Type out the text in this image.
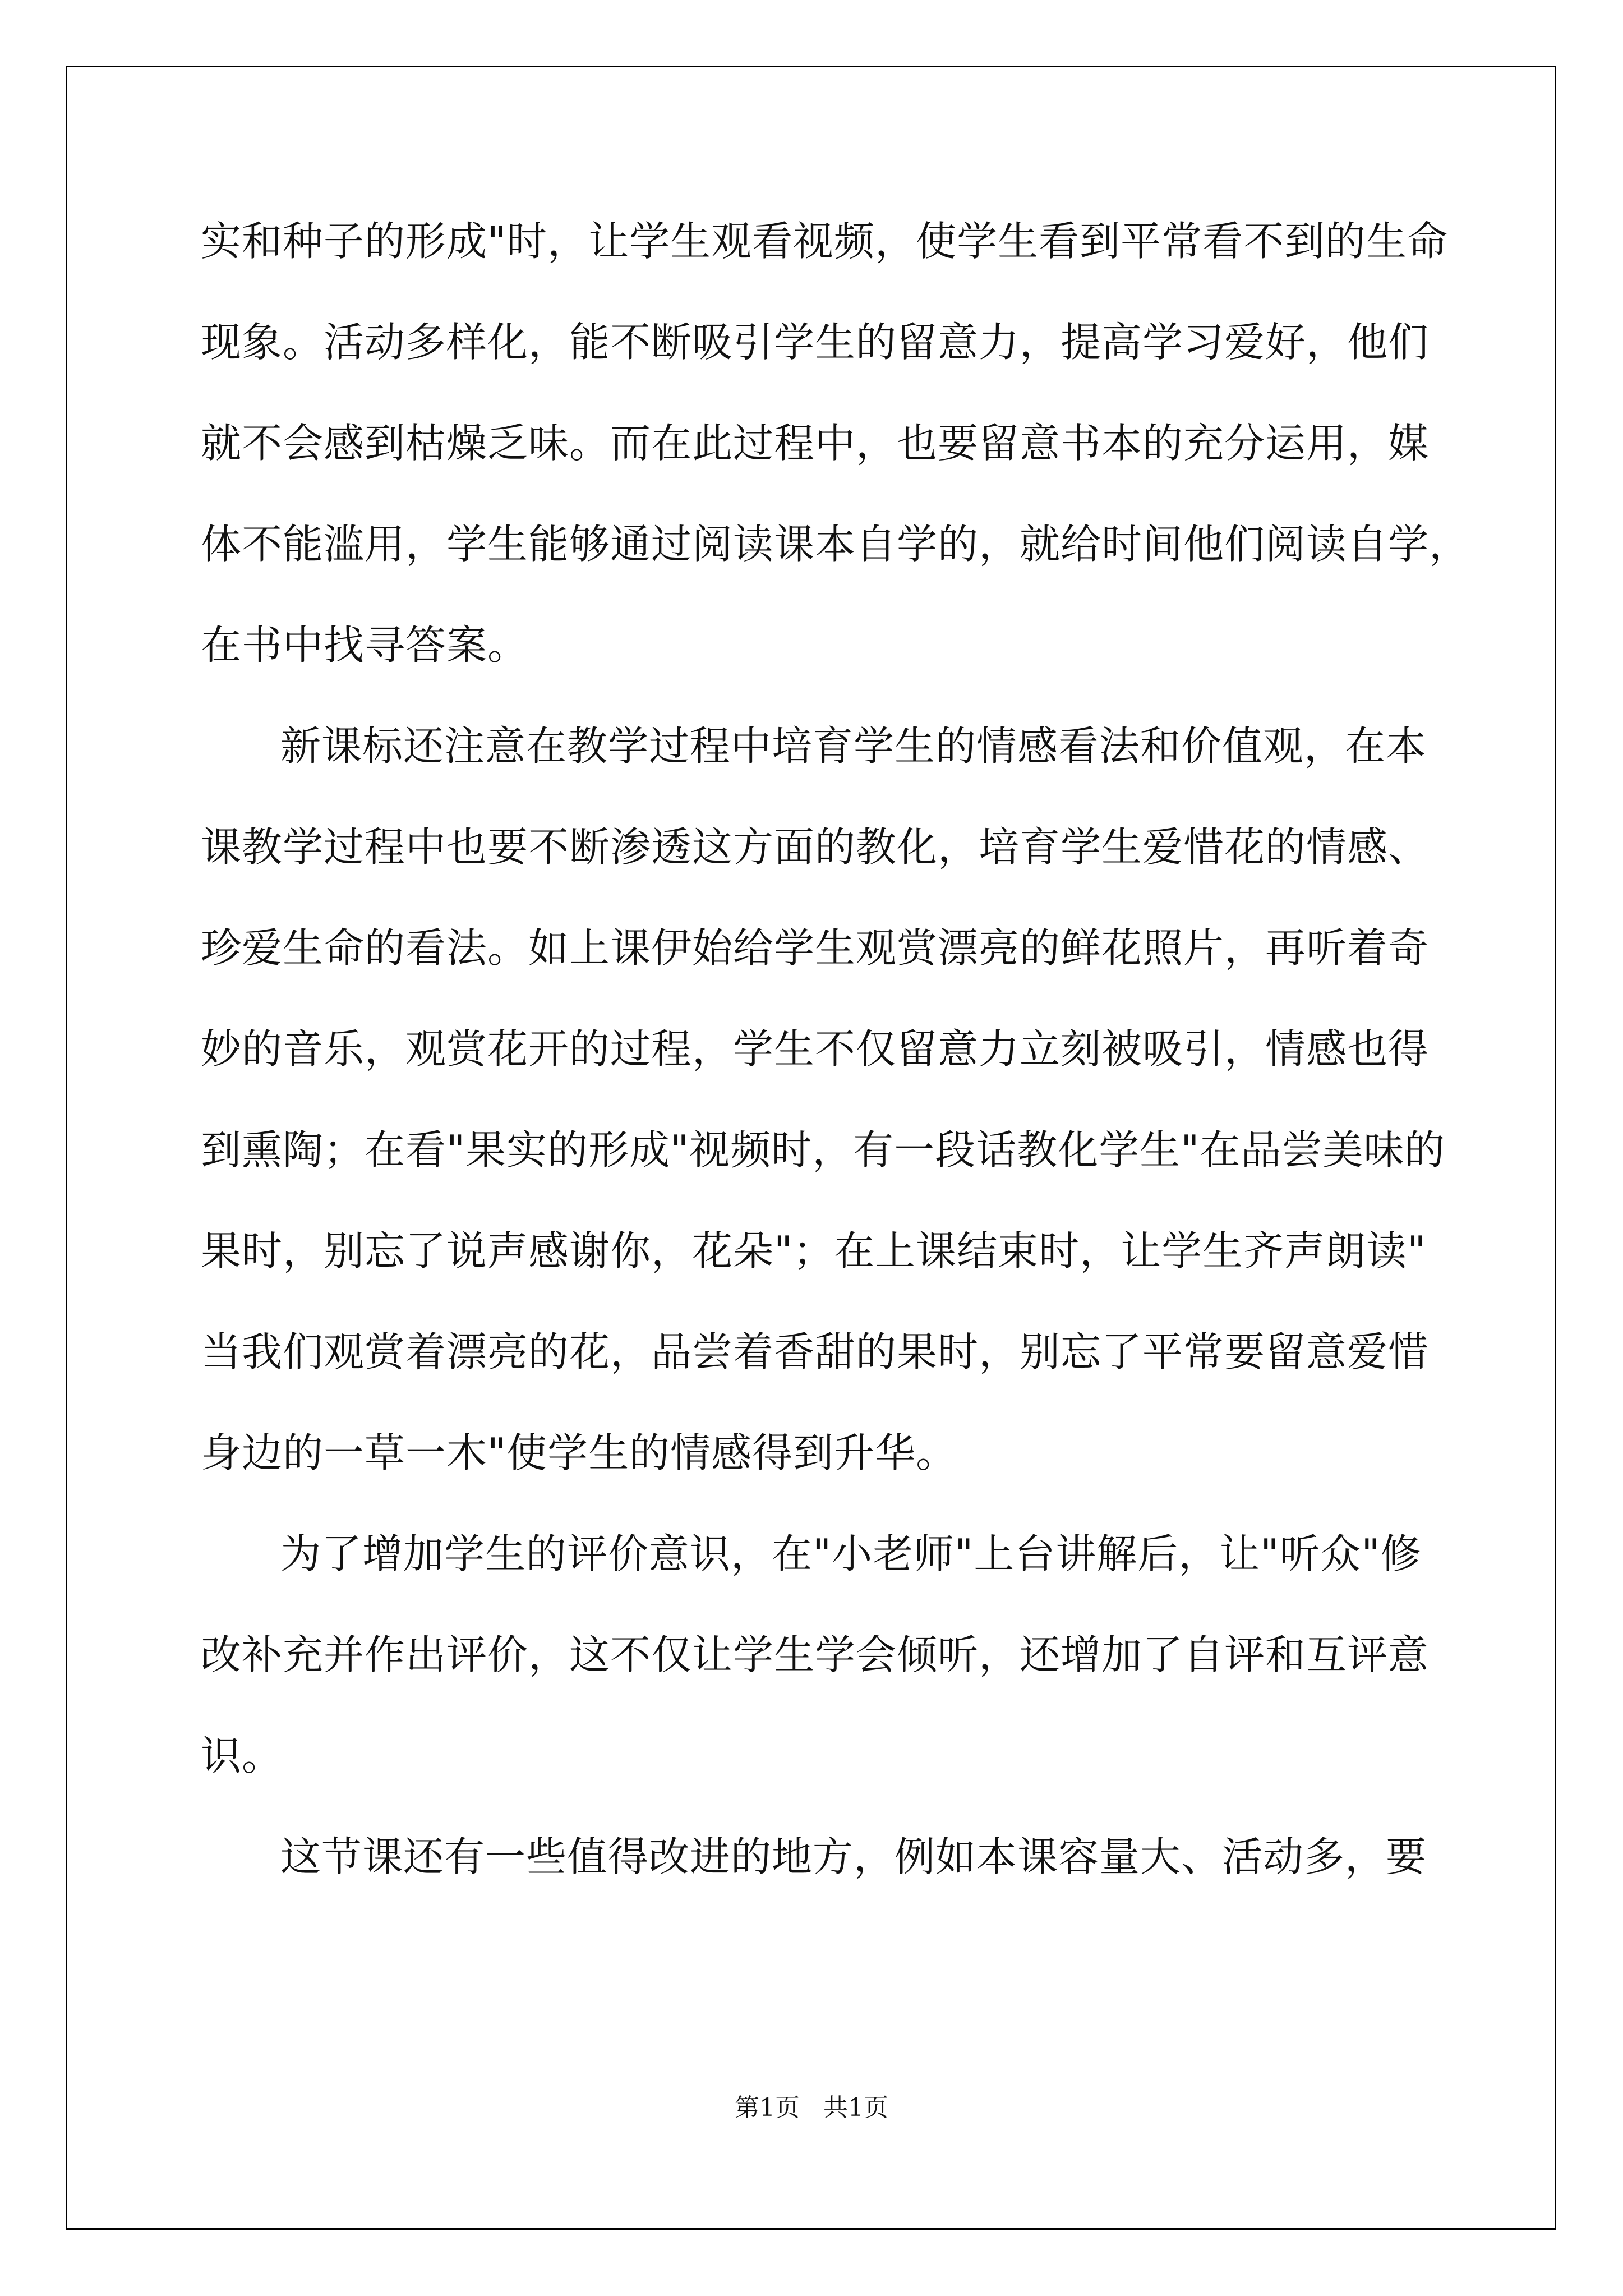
实和种子的形成"时，让学生观看视频，使学生看到平常看不到的生命
现象。活动多样化，能不断吸引学生的留意力，提高学习爱好，他们
就不会感到枯燥乏味。而在此过程中，也要留意书本的充分运用，媒
体不能滥用，学生能够通过阅读课本自学的，就给时间他们阅读自学，
在书中找寻答案。
新课标还注意在教学过程中培育学生的情感看法和价值观，在本
课教学过程中也要不断渗透这方面的教化，培育学生爱惜花的情感、
珍爱生命的看法。如上课伊始给学生观赏漂亮的鲜花照片，再听着奇
妙的音乐，观赏花开的过程，学生不仅留意力立刻被吸引，情感也得
到熏陶；在看"果实的形成"视频时，有一段话教化学生"在品尝美味的
果时，别忘了说声感谢你，花朵"；在上课结束时，让学生齐声朗读"
当我们观赏着漂亮的花，品尝着香甜的果时，别忘了平常要留意爱惜
身边的一草一木"使学生的情感得到升华。
为了增加学生的评价意识，在"小老师"上台讲解后，让"听众"修
改补充并作出评价，这不仅让学生学会倾听，还增加了自评和互评意
识。
这节课还有一些值得改进的地方，例如本课容量大、活动多，要
第1页   共1页
